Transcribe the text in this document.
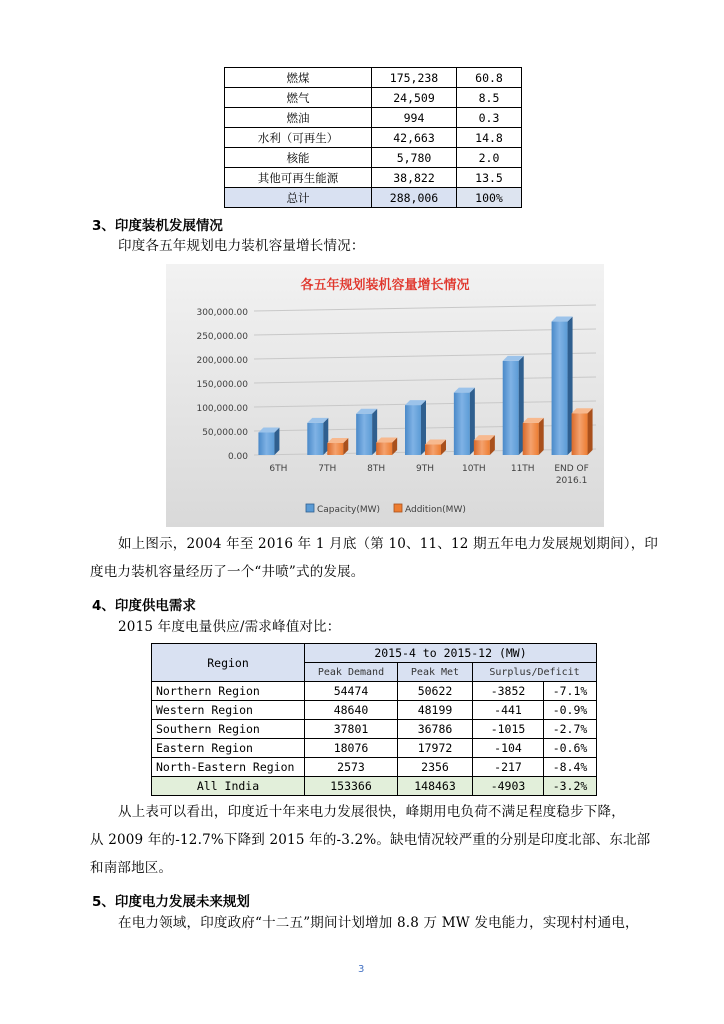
燃煤	175,238	60.8
燃气	24,509	8.5
燃油	994	0.3
水利（可再生）	42,663	14.8
核能	5,780	2.0
其他可再生能源	38,822	13.5
总计	288,006	100%
3、印度装机发展情况
印度各五年规划电力装机容量增长情况：
各五年规划装机容量增长情况
0.00
50,000.00
100,000.00
150,000.00
200,000.00
250,000.00
300,000.00
6TH	7TH	8TH	9TH	10TH	11TH END OF 2016.1
Capacity(MW)	Addition(MW)
如上图示，2004 年至 2016 年 1 月底（第 10、11、12 期五年电力发展规划期间），印
度电力装机容量经历了一个“井喷”式的发展。
4、印度供电需求
2015 年度电量供应/需求峰值对比：
Region	2015-4 to 2015-12 (MW)			
	Peak Demand	Peak Met	Surplus/Deficit	
Northern Region	54474	50622	-3852	-7.1%
Western Region	48640	48199	-441	-0.9%
Southern Region	37801	36786	-1015	-2.7%
Eastern Region	18076	17972	-104	-0.6%
North-Eastern Region	2573	2356	-217	-8.4%
All India	153366	148463	-4903	-3.2%
从上表可以看出，印度近十年来电力发展很快，峰期用电负荷不满足程度稳步下降，
从 2009 年的-12.7%下降到 2015 年的-3.2%。缺电情况较严重的分别是印度北部、东北部
和南部地区。
5、印度电力发展未来规划
在电力领域，印度政府“十二五”期间计划增加 8.8 万 MW 发电能力，实现村村通电，
3
